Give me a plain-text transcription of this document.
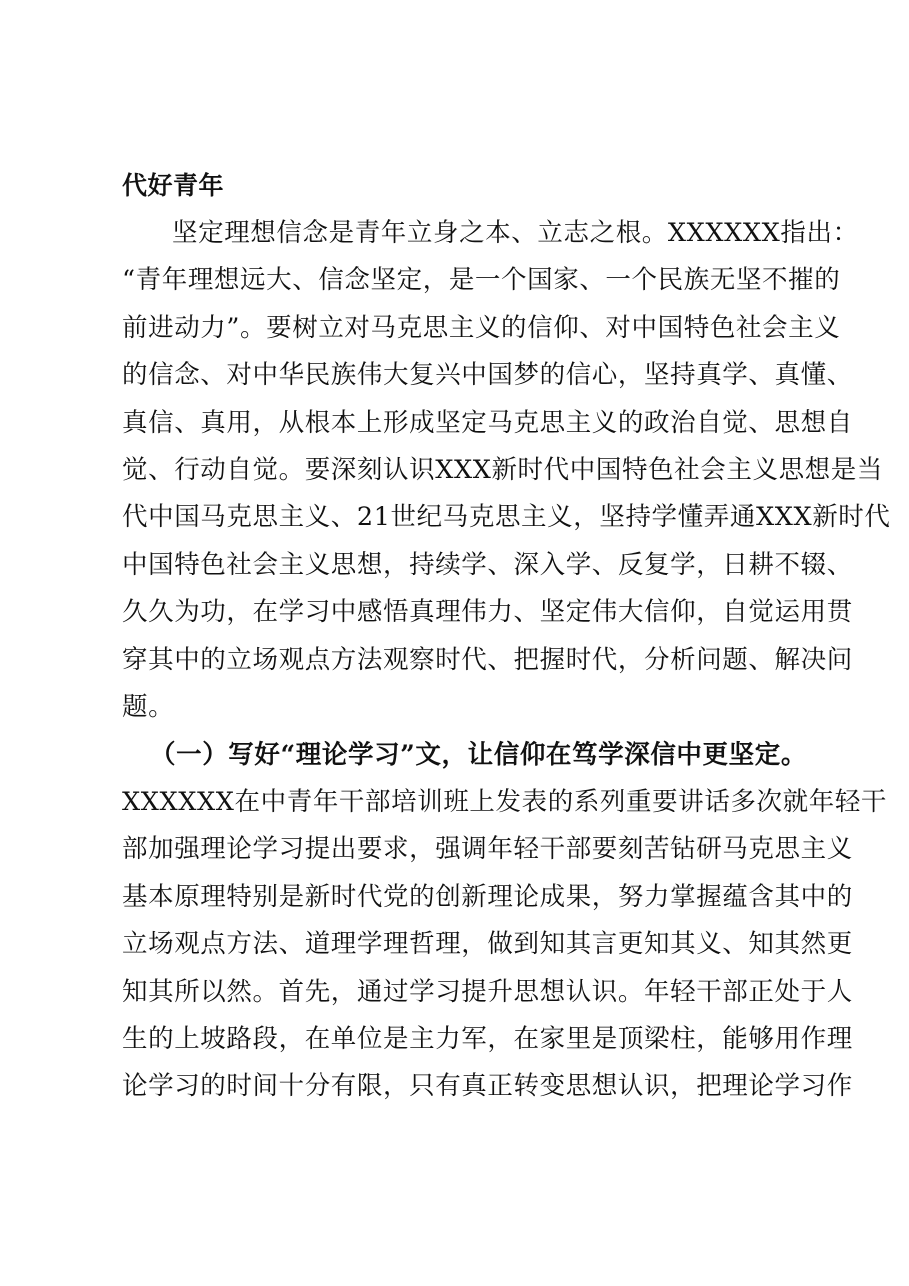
代好青年
坚定理想信念是青年立身之本、立志之根。XXXXXX指出：
“青年理想远大、信念坚定，是一个国家、一个民族无坚不摧的
前进动力”。要树立对马克思主义的信仰、对中国特色社会主义
的信念、对中华民族伟大复兴中国梦的信心，坚持真学、真懂、
真信、真用，从根本上形成坚定马克思主义的政治自觉、思想自
觉、行动自觉。要深刻认识XXX新时代中国特色社会主义思想是当
代中国马克思主义、21世纪马克思主义，坚持学懂弄通XXX新时代
中国特色社会主义思想，持续学、深入学、反复学，日耕不辍、
久久为功，在学习中感悟真理伟力、坚定伟大信仰，自觉运用贯
穿其中的立场观点方法观察时代、把握时代，分析问题、解决问
题。
（一）写好“理论学习”文，让信仰在笃学深信中更坚定。
XXXXXX在中青年干部培训班上发表的系列重要讲话多次就年轻干
部加强理论学习提出要求，强调年轻干部要刻苦钻研马克思主义
基本原理特别是新时代党的创新理论成果，努力掌握蕴含其中的
立场观点方法、道理学理哲理，做到知其言更知其义、知其然更
知其所以然。首先，通过学习提升思想认识。年轻干部正处于人
生的上坡路段，在单位是主力军，在家里是顶梁柱，能够用作理
论学习的时间十分有限，只有真正转变思想认识，把理论学习作
